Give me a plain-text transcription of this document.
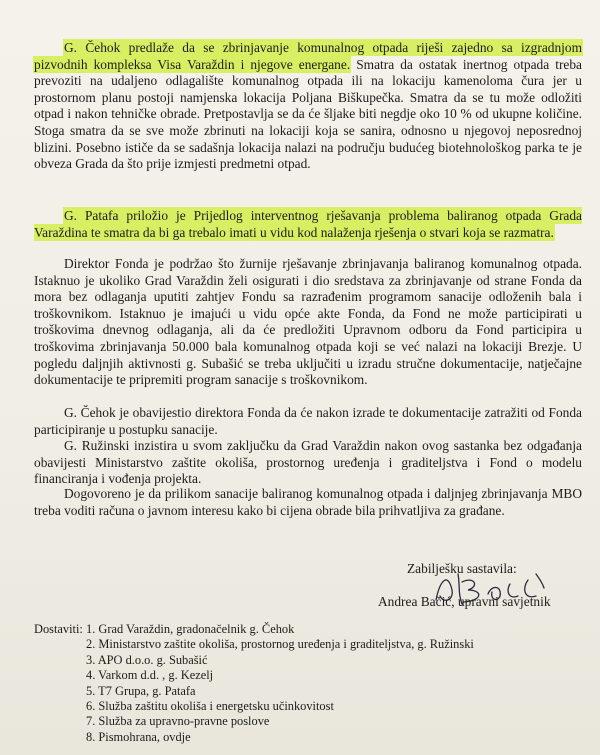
G. Čehok predlaže da se zbrinjavanje komunalnog otpada riješi zajedno sa izgradnjom pizvodnih kompleksa Visa Varaždin i njegove energane. Smatra da ostatak inertnog otpada treba prevoziti na udaljeno odlagalište komunalnog otpada ili na lokaciju kamenoloma čura jer u prostornom planu postoji namjenska lokacija Poljana Biškupečka. Smatra da se tu može odložiti otpad i nakon tehničke obrade. Pretpostavlja se da će šljake biti negdje oko 10 % od ukupne količine. Stoga smatra da se sve može zbrinuti na lokaciji koja se sanira, odnosno u njegovoj neposrednoj blizini. Posebno ističe da se sadašnja lokacija nalazi na području budućeg biotehnološkog parka te je obveza Grada da što prije izmjesti predmetni otpad.

G. Patafa priložio je Prijedlog interventnog rješavanja problema baliranog otpada Grada Varaždina te smatra da bi ga trebalo imati u vidu kod nalaženja rješenja o stvari koja se razmatra.

Direktor Fonda je podržao što žurnije rješavanje zbrinjavanja baliranog komunalnog otpada. Istaknuo je ukoliko Grad Varaždin želi osigurati i dio sredstava za zbrinjavanje od strane Fonda da mora bez odlaganja uputiti zahtjev Fondu sa razrađenim programom sanacije odloženih bala i troškovnikom. Istaknuo je imajući u vidu opće akte Fonda, da Fond ne može participirati u troškovima dnevnog odlaganja, ali da će predložiti Upravnom odboru da Fond participira u troškovima zbrinjavanja 50.000 bala komunalnog otpada koji se već nalazi na lokaciji Brezje. U pogledu daljnjih aktivnosti g. Subašić se treba uključiti u izradu stručne dokumentacije, natječajne dokumentacije te pripremiti program sanacije s troškovnikom.

G. Čehok je obavijestio direktora Fonda da će nakon izrade te dokumentacije zatražiti od Fonda participiranje u postupku sanacije.

G. Ružinski inzistira u svom zaključku da Grad Varaždin nakon ovog sastanka bez odgađanja obavijesti Ministarstvo zaštite okoliša, prostornog uređenja i graditeljstva i Fond o modelu financiranja i vođenja projekta.

Dogovoreno je da prilikom sanacije baliranog komunalnog otpada i daljnjeg zbrinjavanja MBO treba voditi računa o javnom interesu kako bi cijena obrade bila prihvatljiva za građane.

Zabilješku sastavila:
Andrea Bačić, upravni savjetnik
Dostaviti: 1. Grad Varaždin, gradonačelnik g. Čehok
2. Ministarstvo zaštite okoliša, prostornog uređenja i graditeljstva, g. Ružinski
3. APO d.o.o. g. Subašić
4. Varkom d.d. , g. Kezelj
5. T7 Grupa, g. Patafa
6. Služba zaštitu okoliša i energetsku učinkovitost
7. Služba za upravno-pravne poslove
8. Pismohrana, ovdje
